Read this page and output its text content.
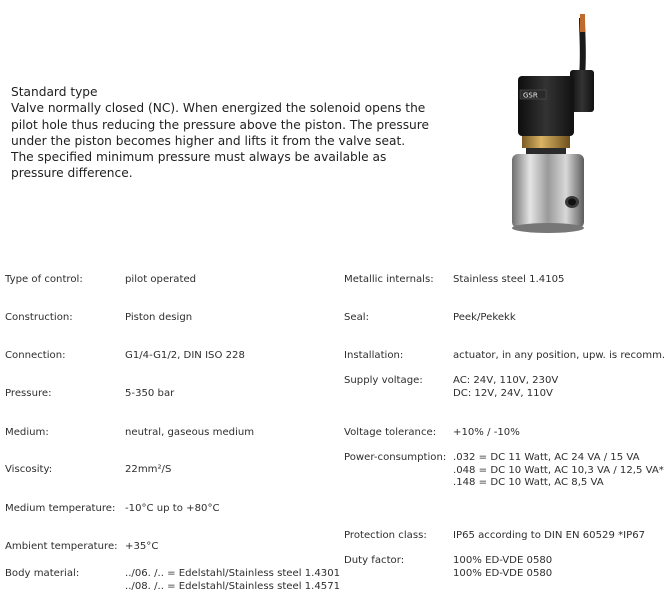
Standard type
Valve normally closed (NC). When energized the solenoid opens the
pilot hole thus reducing the pressure above the piston. The pressure
under the piston becomes higher and lifts it from the valve seat.
The specified minimum pressure must always be available as
pressure difference.
GSR
Type of control:	pilot operated
Construction:	Piston design
Connection:	G1/4-G1/2, DIN ISO 228
Pressure:	5-350 bar
Medium:	neutral, gaseous medium
Viscosity:	22mm²/S
Medium temperature: -10°C up to +80°C
Ambient temperature: +35°C
Body material:	../06. /.. = Edelstahl/Stainless steel 1.4301
../08. /.. = Edelstahl/Stainless steel 1.4571
Metallic internals: Stainless steel 1.4105
Seal:	Peek/Pekekk
Installation:	actuator, in any position, upw. is recomm.
Supply voltage:	AC: 24V, 110V, 230V
DC: 12V, 24V, 110V
Voltage tolerance: +10% / -10%
Power-consumption: .032 = DC 11 Watt, AC 24 VA / 15 VA
.048 = DC 10 Watt, AC 10,3 VA / 12,5 VA*
.148 = DC 10 Watt, AC 8,5 VA
Protection class:	IP65 according to DIN EN 60529 *IP67
Duty factor:	100% ED-VDE 0580
100% ED-VDE 0580
